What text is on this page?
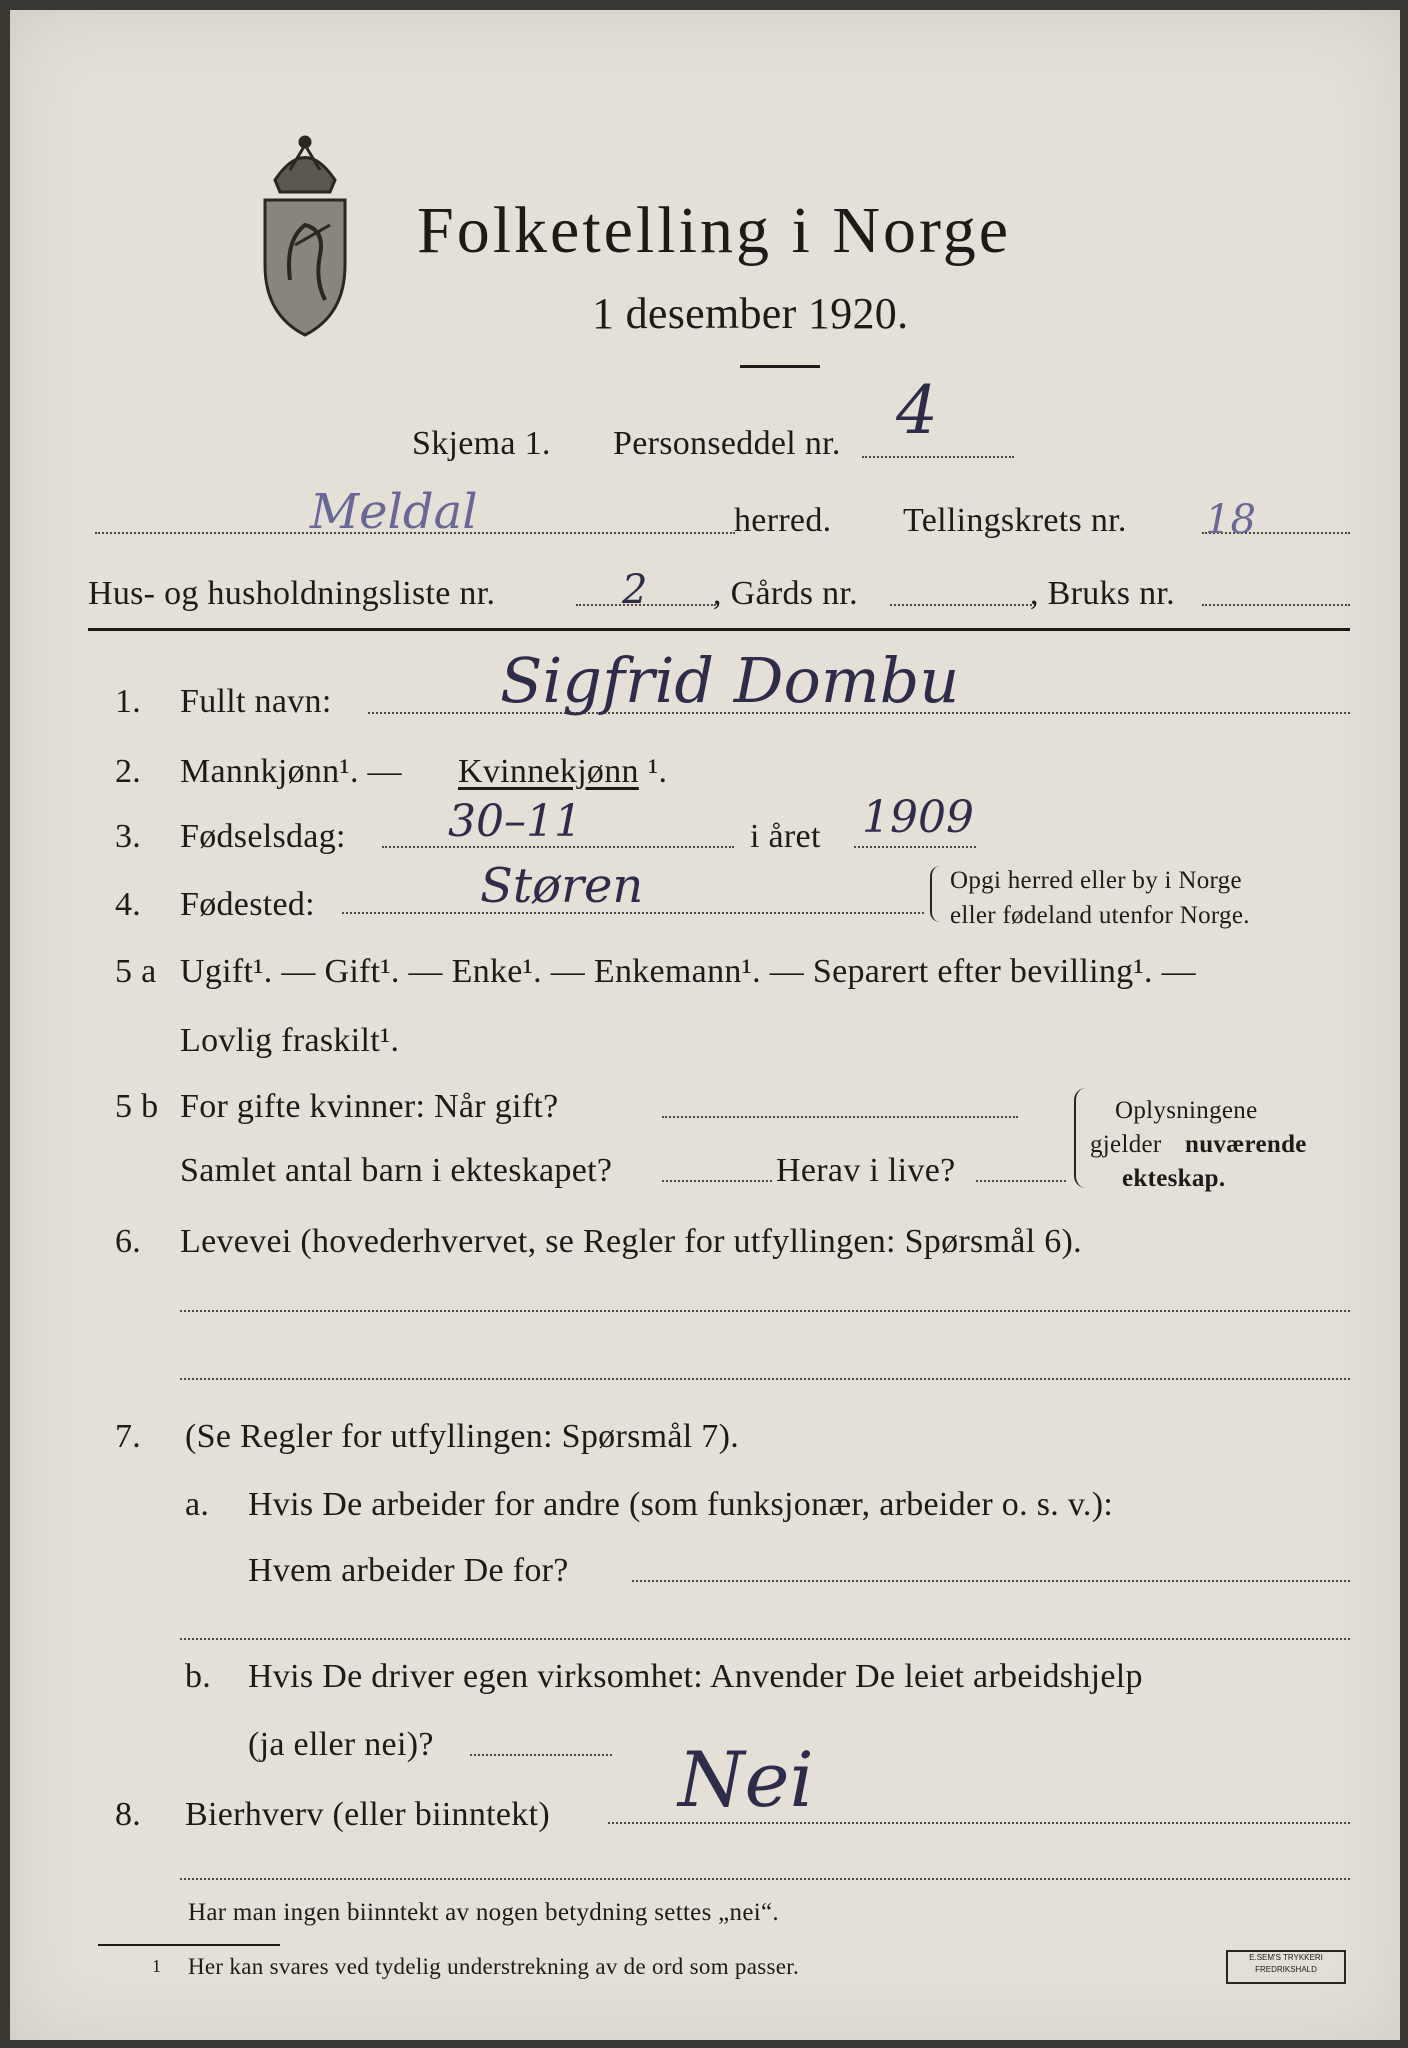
Folketelling i Norge
1 desember 1920.
Skjema 1. Personseddel nr. 4
Meldal	herred. Tellingskrets nr. 18
Hus- og husholdningsliste nr.	2 , Gårds nr.	, Bruks nr.
1. Fullt navn:	Sigfrid Dombu
2. Mannkjønn¹. — Kvinnekjønn ¹.
3. Fødselsdag: 30–11	i året 1909
4. Fødested:	Støren	Opgi herred eller by i Norge
eller fødeland utenfor Norge.
5 a Ugift¹. — Gift¹. — Enke¹. — Enkemann¹. — Separert efter bevilling¹. —
Lovlig fraskilt¹.
5 b For gifte kvinner: Når gift?
Samlet antal barn i ekteskapet?	Herav i live?
Oplysningene
gjelder nuværende
ekteskap.
6. Levevei (hovederhvervet, se Regler for utfyllingen: Spørsmål 6).
7. (Se Regler for utfyllingen: Spørsmål 7).
a. Hvis De arbeider for andre (som funksjonær, arbeider o. s. v.):
Hvem arbeider De for?
b. Hvis De driver egen virksomhet: Anvender De leiet arbeidshjelp
(ja eller nei)?
8. Bierhverv (eller biinntekt) Nei
Har man ingen biinntekt av nogen betydning settes „nei“.
1 Her kan svares ved tydelig understrekning av de ord som passer.	E.SEM'S TRYKKERI
FREDRIKSHALD
